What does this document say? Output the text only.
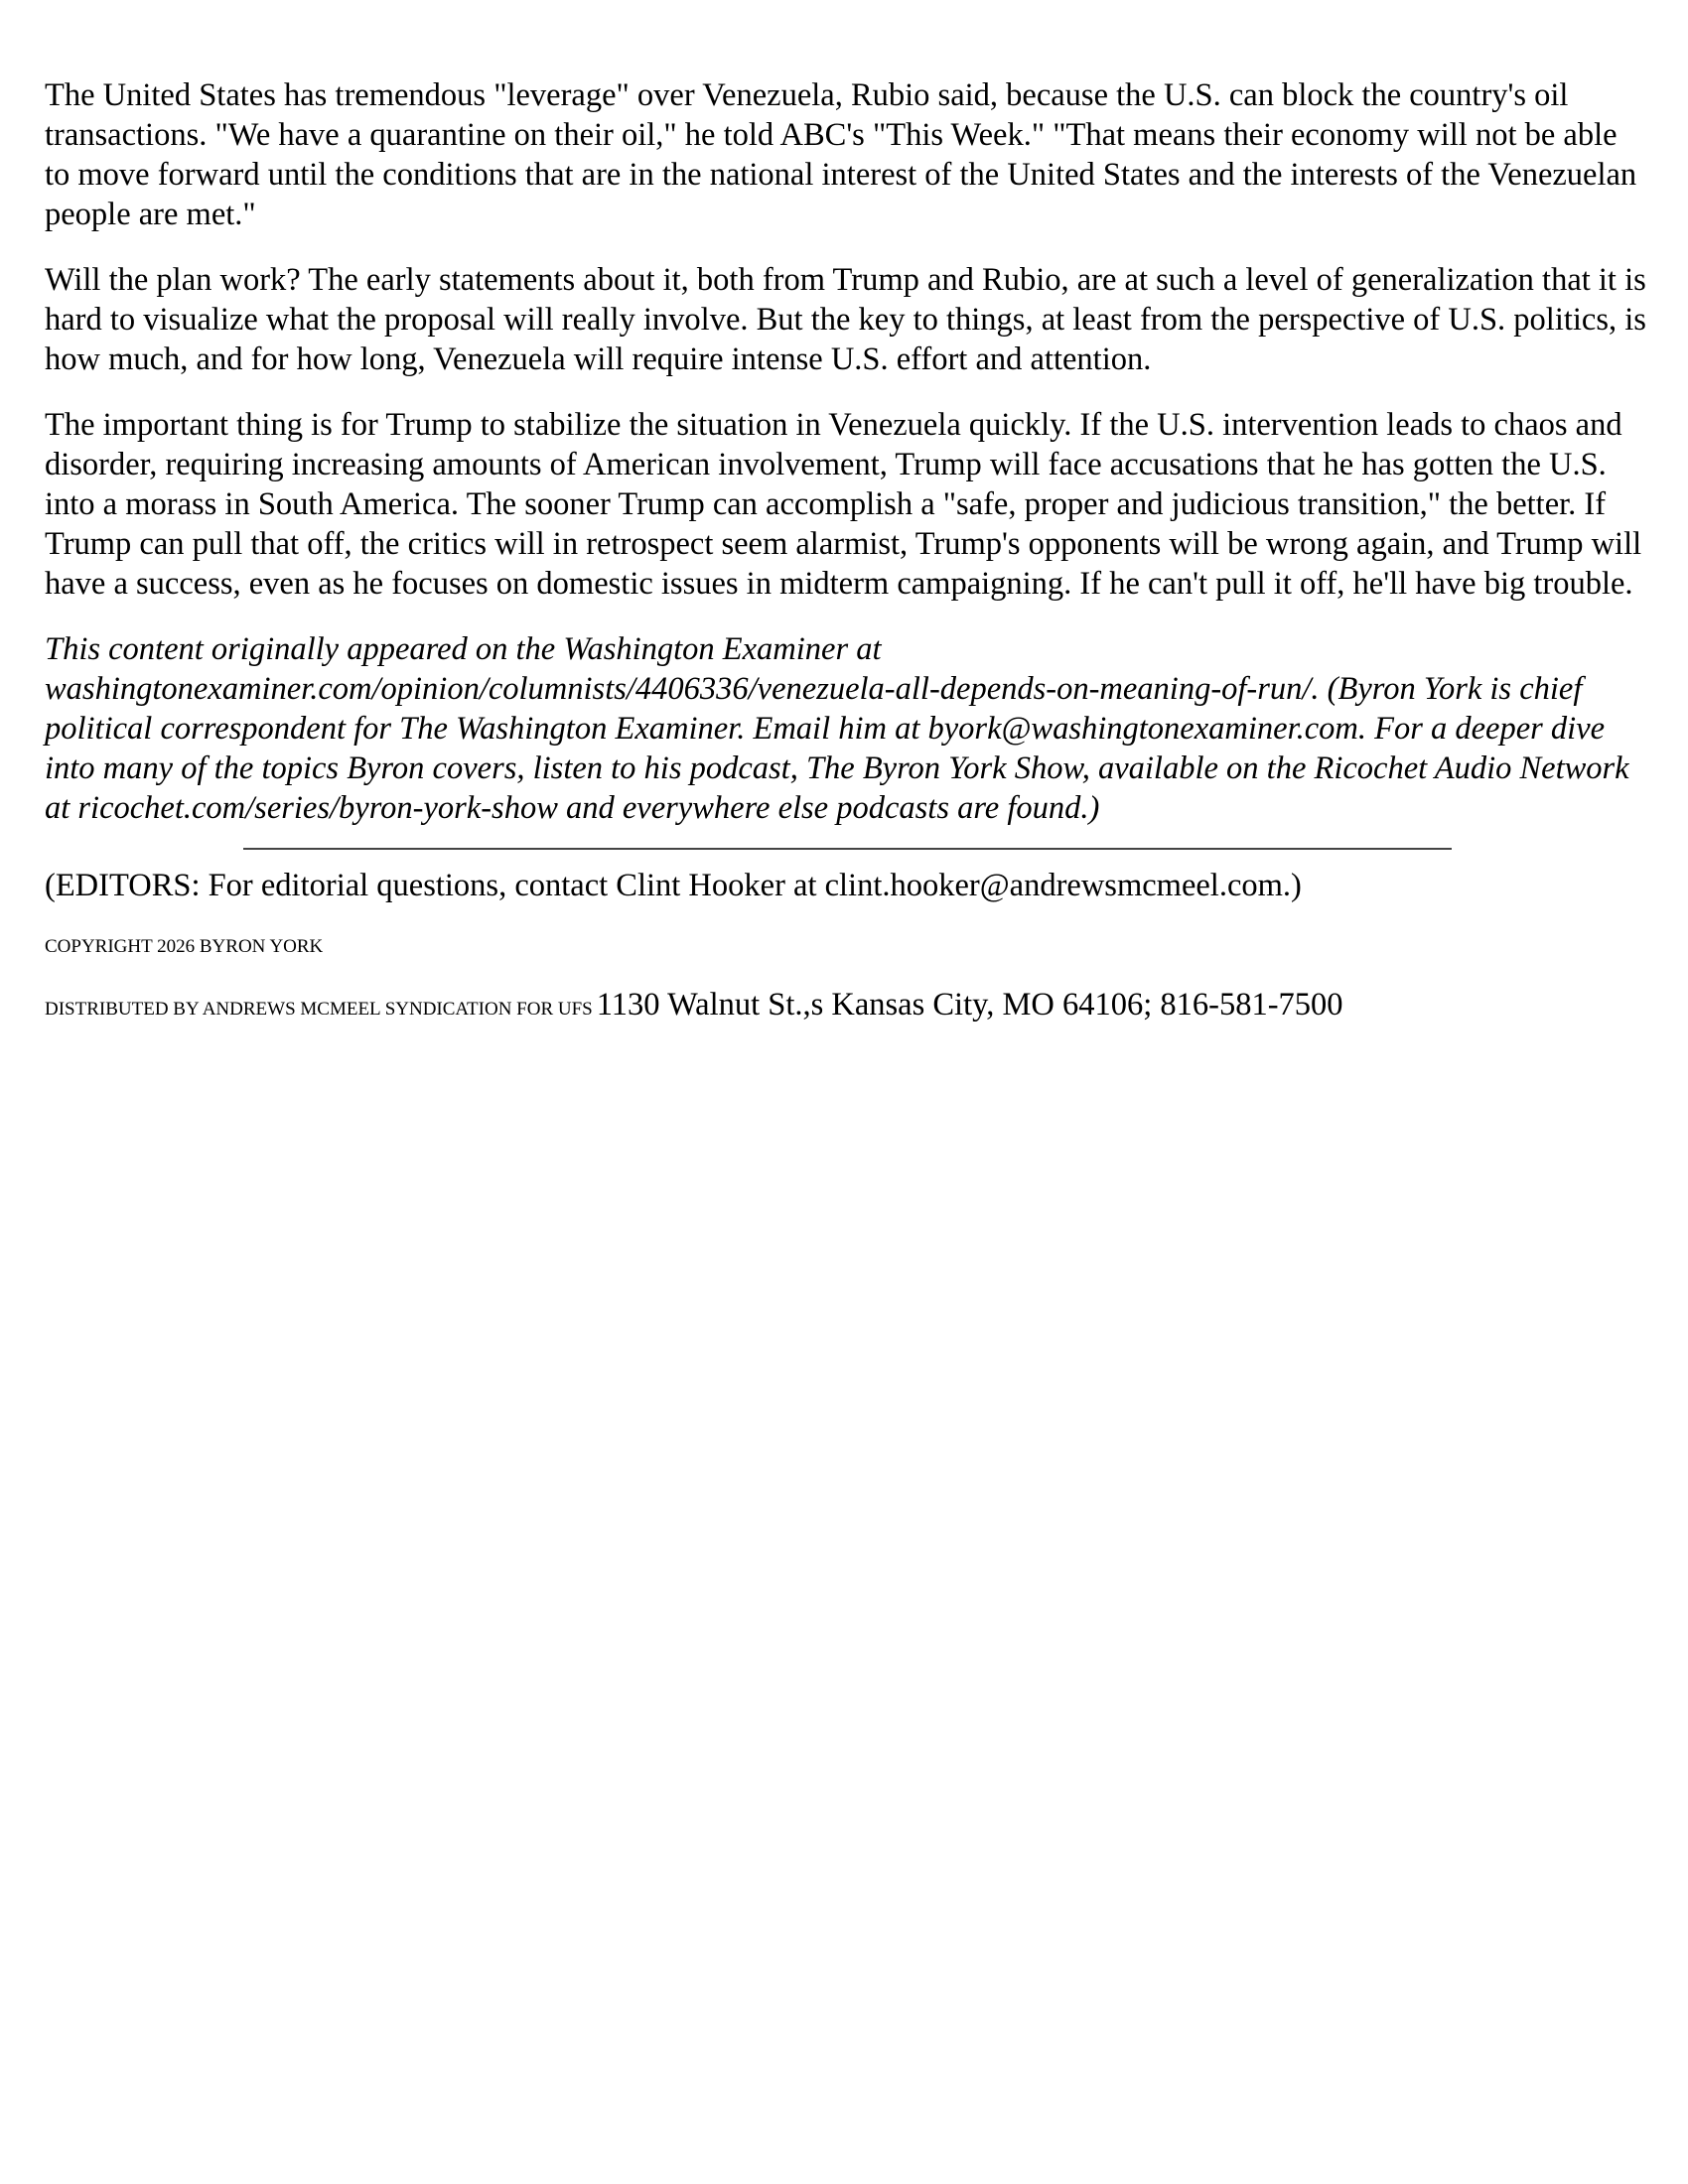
The United States has tremendous "leverage" over Venezuela, Rubio said, because the U.S. can block the country's oil transactions. "We have a quarantine on their oil," he told ABC's "This Week." "That means their economy will not be able to move forward until the conditions that are in the national interest of the United States and the interests of the Venezuelan people are met."

Will the plan work? The early statements about it, both from Trump and Rubio, are at such a level of generalization that it is hard to visualize what the proposal will really involve. But the key to things, at least from the perspective of U.S. politics, is how much, and for how long, Venezuela will require intense U.S. effort and attention.

The important thing is for Trump to stabilize the situation in Venezuela quickly. If the U.S. intervention leads to chaos and disorder, requiring increasing amounts of American involvement, Trump will face accusations that he has gotten the U.S. into a morass in South America. The sooner Trump can accomplish a "safe, proper and judicious transition," the better. If Trump can pull that off, the critics will in retrospect seem alarmist, Trump's opponents will be wrong again, and Trump will have a success, even as he focuses on domestic issues in midterm campaigning. If he can't pull it off, he'll have big trouble.

This content originally appeared on the Washington Examiner at washingtonexaminer.com/opinion/columnists/4406336/venezuela-all-depends-on-meaning-of-run/. (Byron York is chief political correspondent for The Washington Examiner. Email him at byork@washingtonexaminer.com. For a deeper dive into many of the topics Byron covers, listen to his podcast, The Byron York Show, available on the Ricochet Audio Network at ricochet.com/series/byron-york-show and everywhere else podcasts are found.)

(EDITORS: For editorial questions, contact Clint Hooker at clint.hooker@andrewsmcmeel.com.)

COPYRIGHT 2026 BYRON YORK

DISTRIBUTED BY ANDREWS MCMEEL SYNDICATION FOR UFS 1130 Walnut St.,s Kansas City, MO 64106; 816-581-7500
